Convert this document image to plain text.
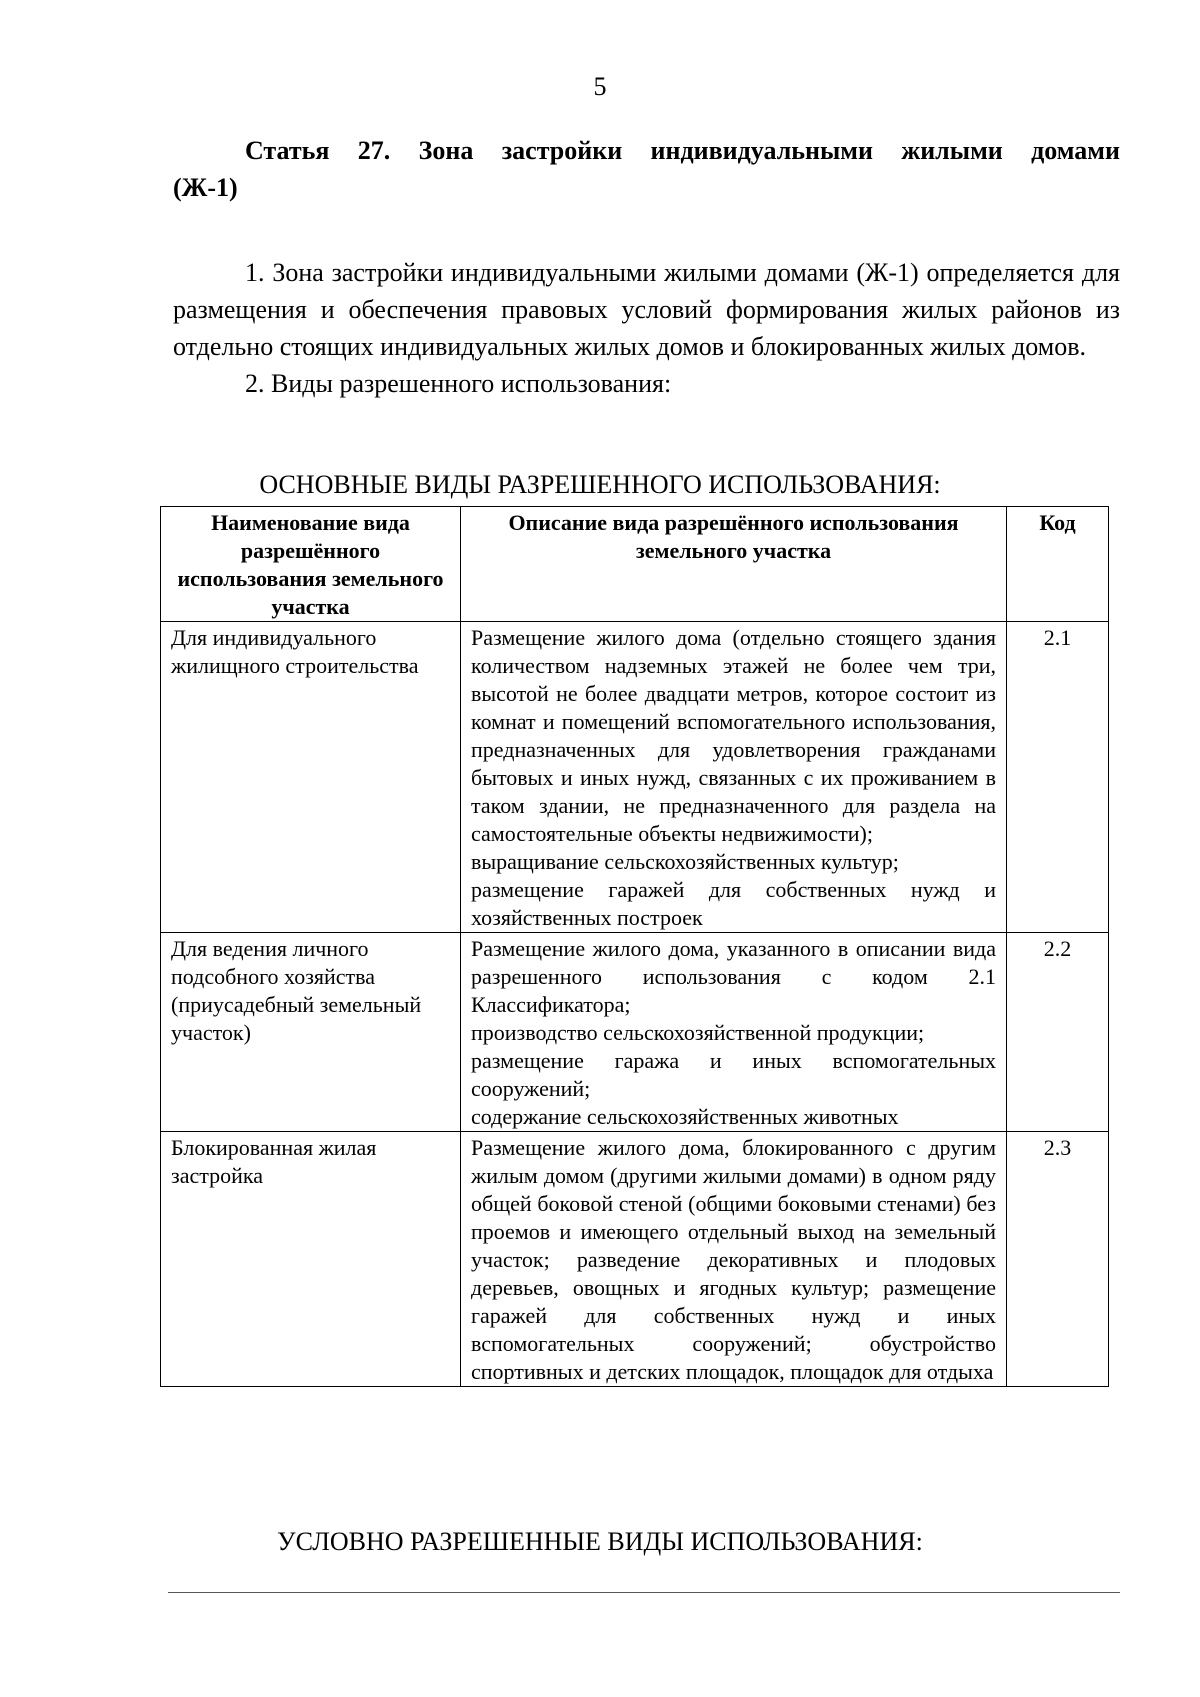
5
Статья 27. Зона застройки индивидуальными жилыми домами
(Ж-1)

1. Зона застройки индивидуальными жилыми домами (Ж-1) определяется для размещения и обеспечения правовых условий формирования жилых районов из отдельно стоящих индивидуальных жилых домов и блокированных жилых домов.

2. Виды разрешенного использования:

ОСНОВНЫЕ ВИДЫ РАЗРЕШЕННОГО ИСПОЛЬЗОВАНИЯ:
Наименование вида разрешённого использования земельного участка	Описание вида разрешённого использования земельного участка	Код
Для индивидуального жилищного строительства	Размещение жилого дома (отдельно стоящего здания количеством надземных этажей не более чем три, высотой не более двадцати метров, которое состоит из комнат и помещений вспомогательного использования, предназначенных для удовлетворения гражданами бытовых и иных нужд, связанных с их проживанием в таком здании, не предназначенного для раздела на самостоятельные объекты недвижимости);
выращивание сельскохозяйственных культур;
размещение гаражей для собственных нужд и хозяйственных построек	2.1
Для ведения личного подсобного хозяйства (приусадебный земельный участок)	Размещение жилого дома, указанного в описании вида разрешенного использования с кодом 2.1 Классификатора;
производство сельскохозяйственной продукции;
размещение гаража и иных вспомогательных сооружений;
содержание сельскохозяйственных животных	2.2
Блокированная жилая застройка	Размещение жилого дома, блокированного с другим жилым домом (другими жилыми домами) в одном ряду общей боковой стеной (общими боковыми стенами) без проемов и имеющего отдельный выход на земельный участок; разведение декоративных и плодовых деревьев, овощных и ягодных культур; размещение гаражей для собственных нужд и иных вспомогательных сооружений; обустройство спортивных и детских площадок, площадок для отдыха	2.3
УСЛОВНО РАЗРЕШЕННЫЕ ВИДЫ ИСПОЛЬЗОВАНИЯ:
